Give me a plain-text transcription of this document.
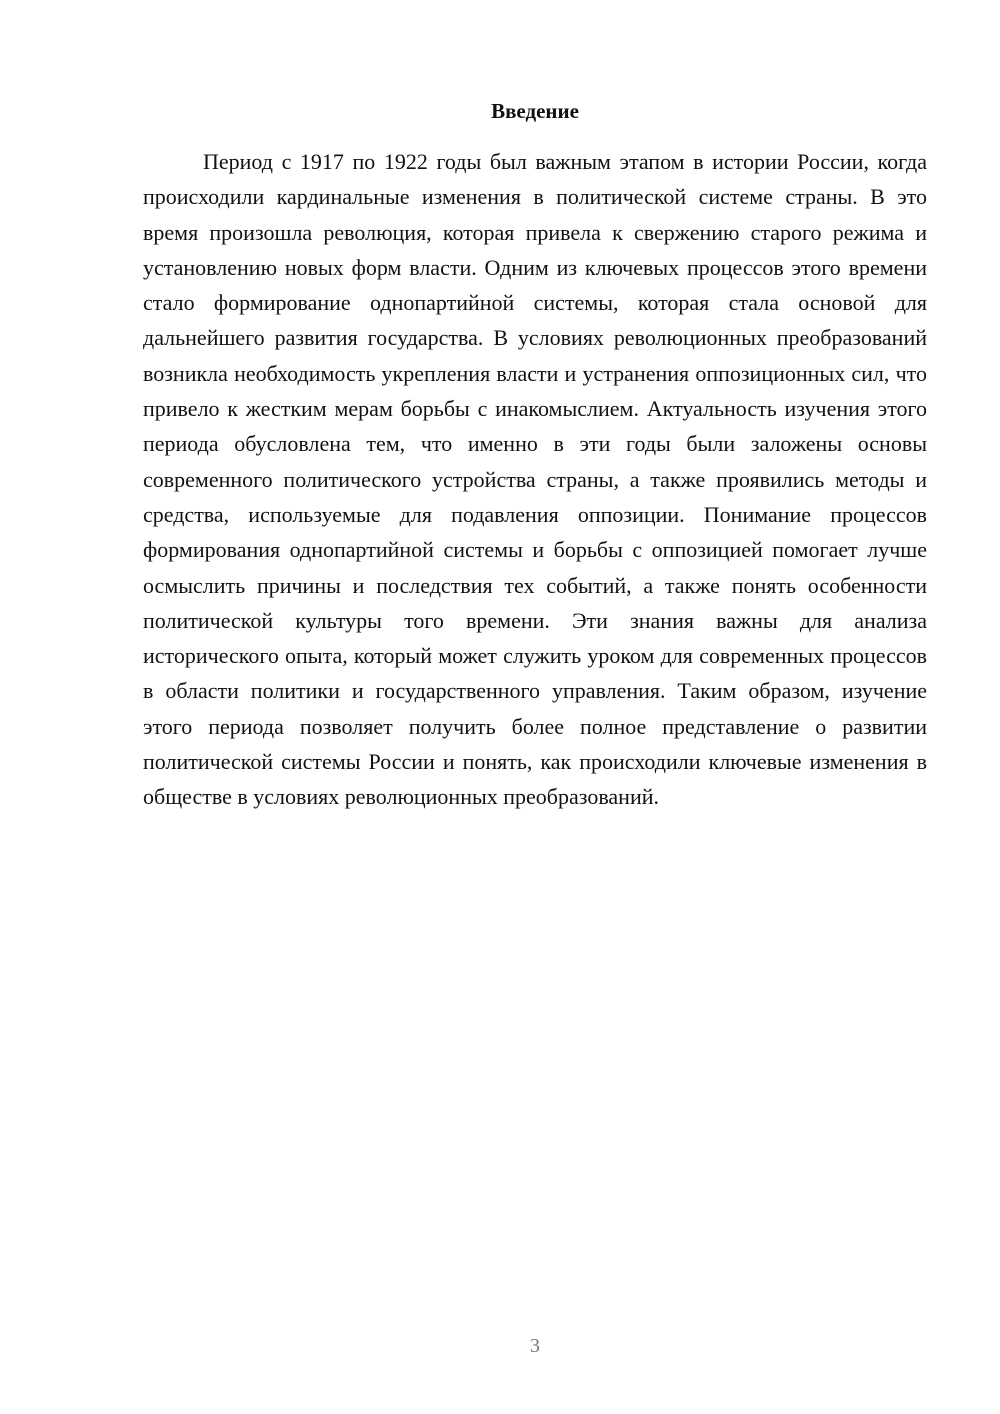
Введение

Период с 1917 по 1922 годы был важным этапом в истории России, когда происходили кардинальные изменения в политической системе страны. В это время произошла революция, которая привела к свержению старого режима и установлению новых форм власти. Одним из ключевых процессов этого времени стало формирование однопартийной системы, которая стала основой для дальнейшего развития государства. В условиях революционных преобразований возникла необходимость укрепления власти и устранения оппозиционных сил, что привело к жестким мерам борьбы с инакомыслием. Актуальность изучения этого периода обусловлена тем, что именно в эти годы были заложены основы современного политического устройства страны, а также проявились методы и средства, используемые для подавления оппозиции. Понимание процессов формирования однопартийной системы и борьбы с оппозицией помогает лучше осмыслить причины и последствия тех событий, а также понять особенности политической культуры того времени. Эти знания важны для анализа исторического опыта, который может служить уроком для современных процессов в области политики и государственного управления. Таким образом, изучение этого периода позволяет получить более полное представление о развитии политической системы России и понять, как происходили ключевые изменения в обществе в условиях революционных преобразований.

3
